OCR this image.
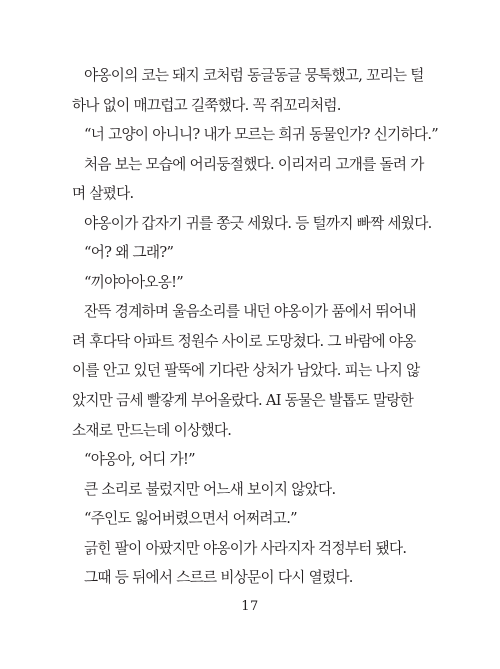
야옹이의 코는 돼지 코처럼 동글동글 뭉툭했고, 꼬리는 털
하나 없이 매끄럽고 길쭉했다. 꼭 쥐꼬리처럼.
“너 고양이 아니니? 내가 모르는 희귀 동물인가? 신기하다.”
처음 보는 모습에 어리둥절했다. 이리저리 고개를 돌려 가
며 살폈다.
야옹이가 갑자기 귀를 쫑긋 세웠다. 등 털까지 빠짝 세웠다.
“어? 왜 그래?”
“끼야아아오옹!”
잔뜩 경계하며 울음소리를 내던 야옹이가 품에서 뛰어내
려 후다닥 아파트 정원수 사이로 도망쳤다. 그 바람에 야옹
이를 안고 있던 팔뚝에 기다란 상처가 남았다. 피는 나지 않
았지만 금세 빨갛게 부어올랐다. AI 동물은 발톱도 말랑한
소재로 만드는데 이상했다.
“야옹아, 어디 가!”
큰 소리로 불렀지만 어느새 보이지 않았다.
“주인도 잃어버렸으면서 어쩌려고.”
긁힌 팔이 아팠지만 야옹이가 사라지자 걱정부터 됐다.
그때 등 뒤에서 스르르 비상문이 다시 열렸다.
17
